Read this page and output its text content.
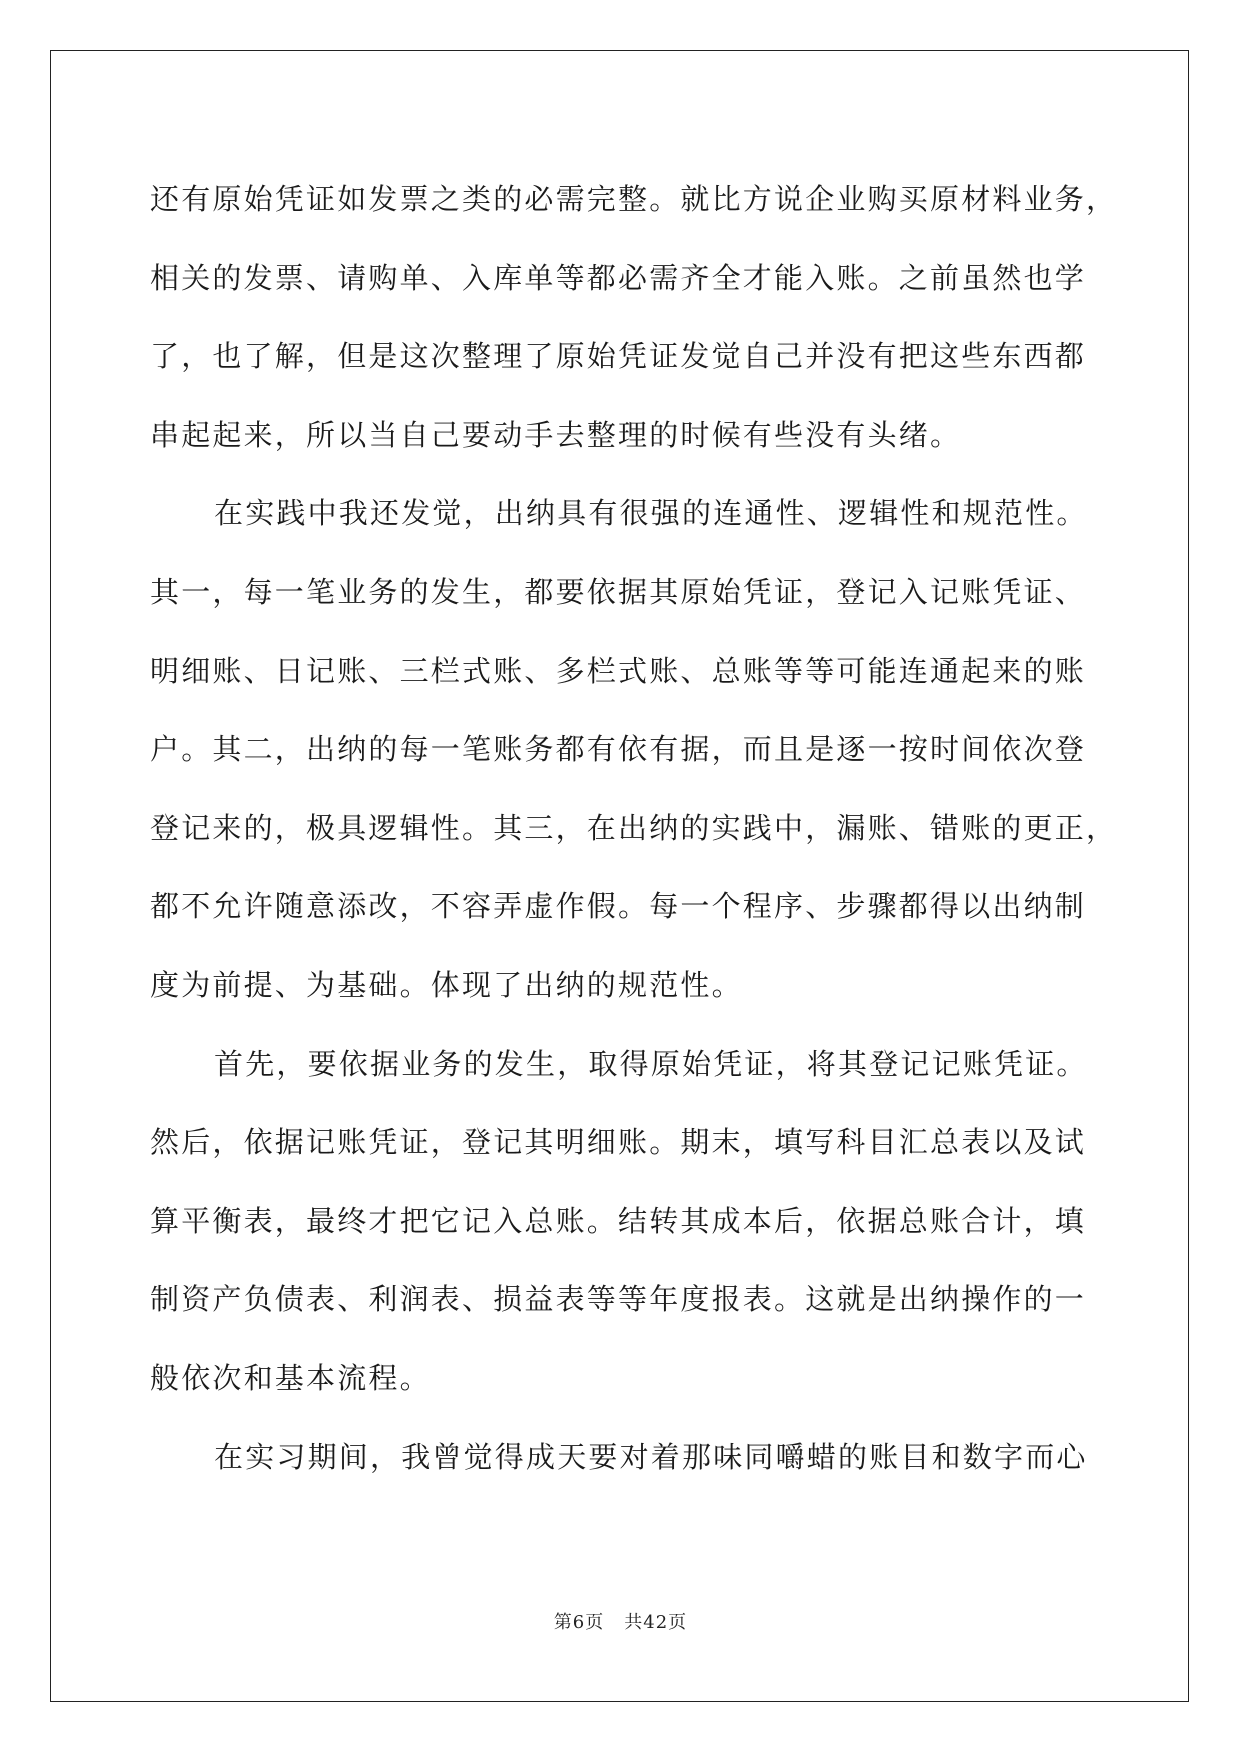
还有原始凭证如发票之类的必需完整。就比方说企业购买原材料业务，
相关的发票、请购单、入库单等都必需齐全才能入账。之前虽然也学
了，也了解，但是这次整理了原始凭证发觉自己并没有把这些东西都
串起起来，所以当自己要动手去整理的时候有些没有头绪。
在实践中我还发觉，出纳具有很强的连通性、逻辑性和规范性。
其一，每一笔业务的发生，都要依据其原始凭证，登记入记账凭证、
明细账、日记账、三栏式账、多栏式账、总账等等可能连通起来的账
户。其二，出纳的每一笔账务都有依有据，而且是逐一按时间依次登
登记来的，极具逻辑性。其三，在出纳的实践中，漏账、错账的更正，
都不允许随意添改，不容弄虚作假。每一个程序、步骤都得以出纳制
度为前提、为基础。体现了出纳的规范性。
首先，要依据业务的发生，取得原始凭证，将其登记记账凭证。
然后，依据记账凭证，登记其明细账。期末，填写科目汇总表以及试
算平衡表，最终才把它记入总账。结转其成本后，依据总账合计，填
制资产负债表、利润表、损益表等等年度报表。这就是出纳操作的一
般依次和基本流程。
在实习期间，我曾觉得成天要对着那味同嚼蜡的账目和数字而心
第6页 共42页
